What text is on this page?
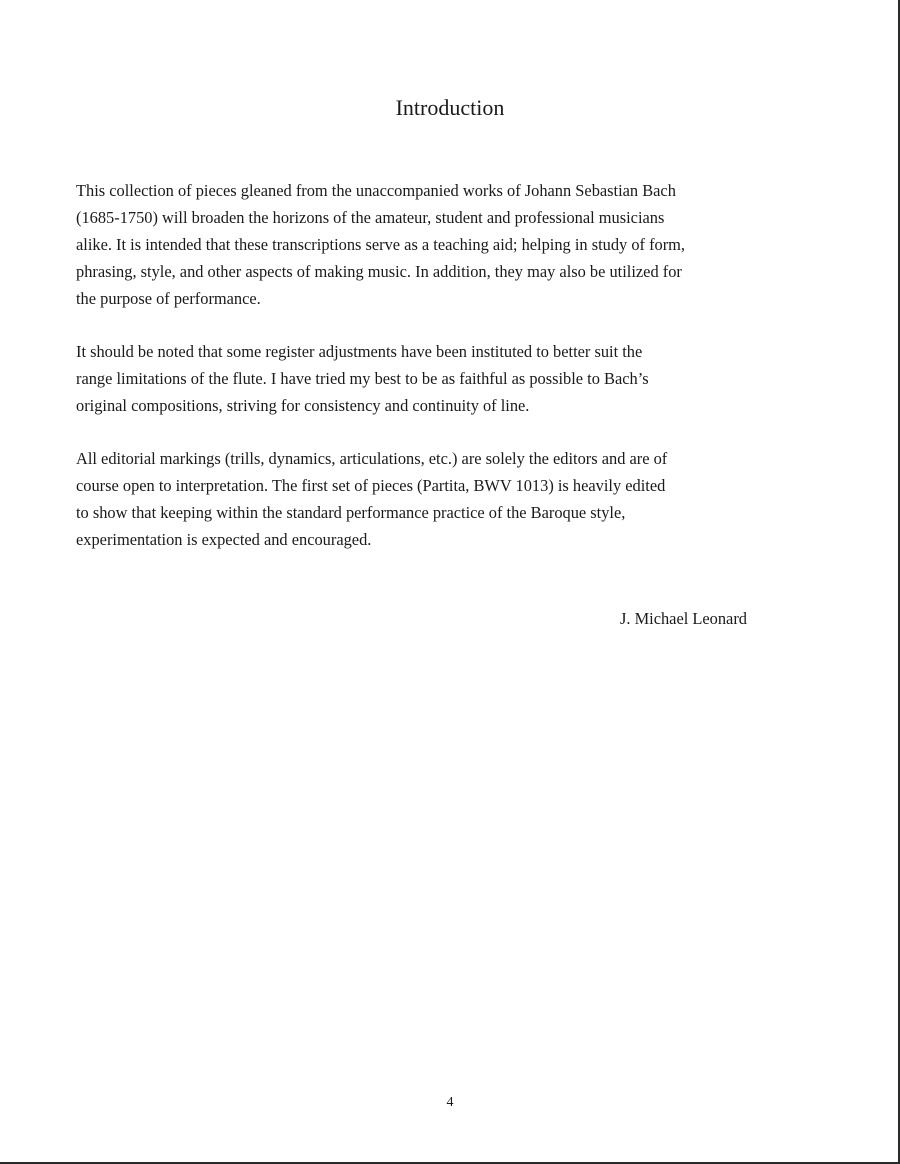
Introduction

This collection of pieces gleaned from the unaccompanied works of Johann Sebastian Bach
(1685-1750) will broaden the horizons of the amateur, student and professional musicians
alike. It is intended that these transcriptions serve as a teaching aid; helping in study of form,
phrasing, style, and other aspects of making music. In addition, they may also be utilized for
the purpose of performance.

It should be noted that some register adjustments have been instituted to better suit the
range limitations of the flute. I have tried my best to be as faithful as possible to Bach’s
original compositions, striving for consistency and continuity of line.

All editorial markings (trills, dynamics, articulations, etc.) are solely the editors and are of
course open to interpretation. The first set of pieces (Partita, BWV 1013) is heavily edited
to show that keeping within the standard performance practice of the Baroque style,
experimentation is expected and encouraged.

J. Michael Leonard

4
